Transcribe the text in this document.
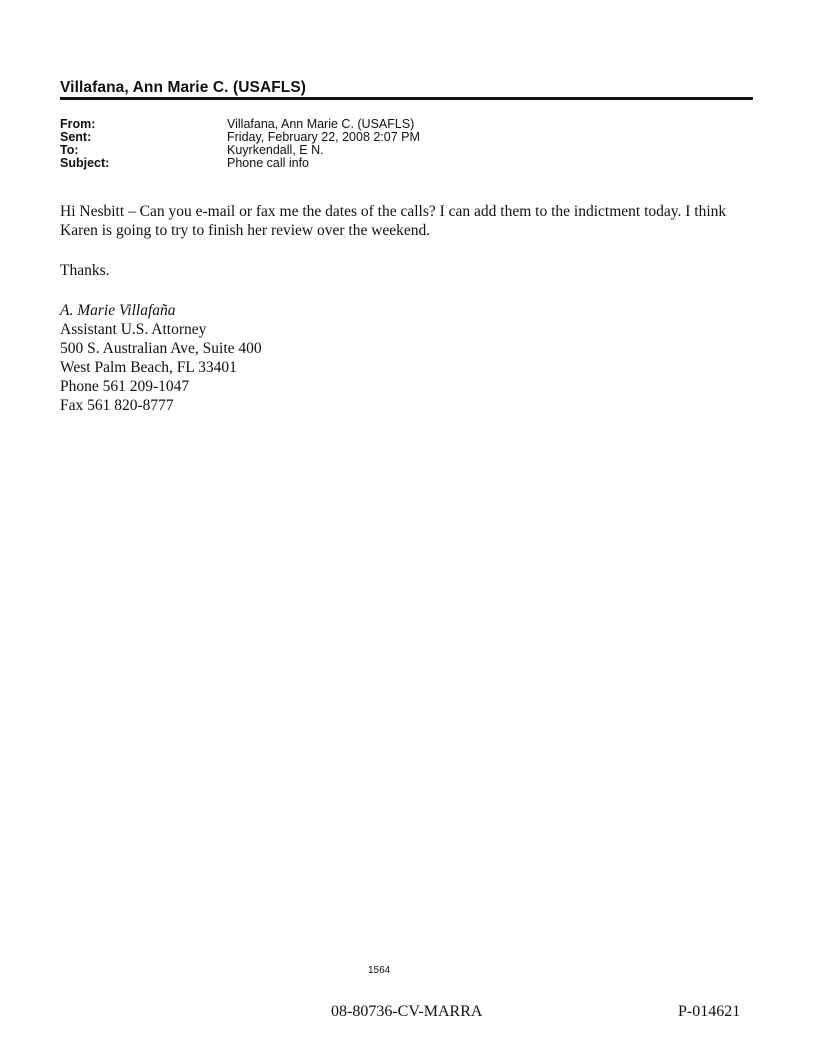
Villafana, Ann Marie C. (USAFLS)
From:	Villafana, Ann Marie C. (USAFLS)
Sent:	Friday, February 22, 2008 2:07 PM
To:	Kuyrkendall, E N.
Subject:	Phone call info
Hi Nesbitt – Can you e-mail or fax me the dates of the calls? I can add them to the indictment today. I think
Karen is going to try to finish her review over the weekend.
Thanks.
A. Marie Villafaña
Assistant U.S. Attorney
500 S. Australian Ave, Suite 400
West Palm Beach, FL 33401
Phone 561 209-1047
Fax 561 820-8777
1564
08-80736-CV-MARRA	P-014621
